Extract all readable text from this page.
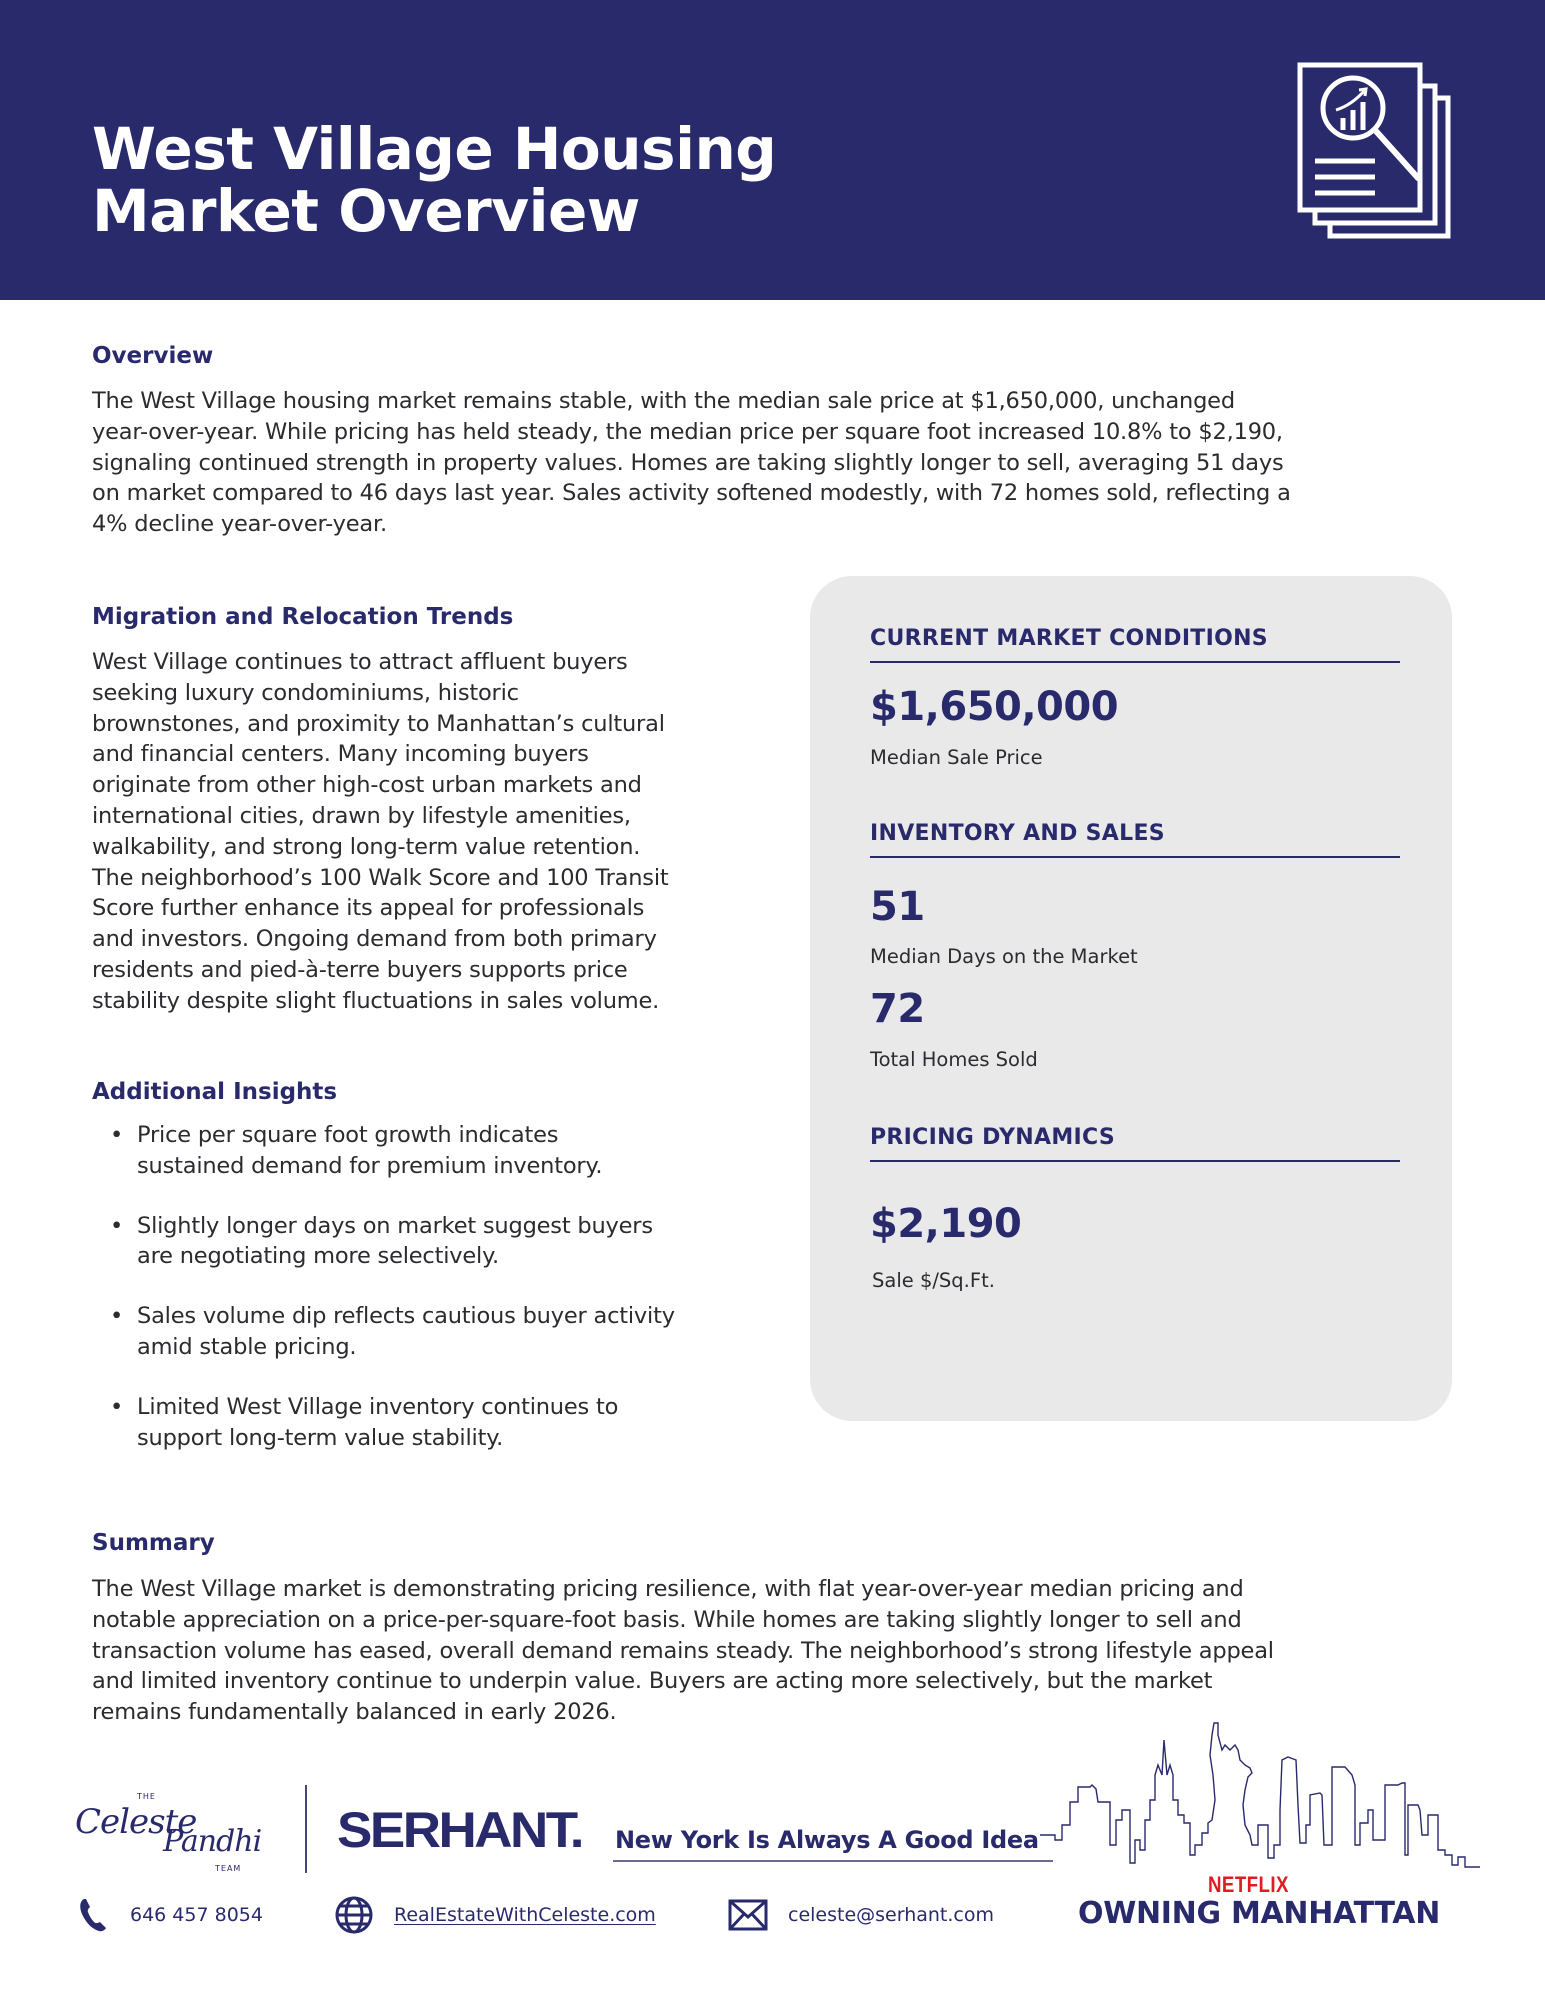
West Village Housing
Market Overview
Overview
The West Village housing market remains stable, with the median sale price at $1,650,000, unchanged
year-over-year. While pricing has held steady, the median price per square foot increased 10.8% to $2,190,
signaling continued strength in property values. Homes are taking slightly longer to sell, averaging 51 days
on market compared to 46 days last year. Sales activity softened modestly, with 72 homes sold, reflecting a
4% decline year-over-year.
Migration and Relocation Trends
West Village continues to attract affluent buyers
seeking luxury condominiums, historic
brownstones, and proximity to Manhattan’s cultural
and financial centers. Many incoming buyers
originate from other high-cost urban markets and
international cities, drawn by lifestyle amenities,
walkability, and strong long-term value retention.
The neighborhood’s 100 Walk Score and 100 Transit
Score further enhance its appeal for professionals
and investors. Ongoing demand from both primary
residents and pied-à-terre buyers supports price
stability despite slight fluctuations in sales volume.
Additional Insights
• Price per square foot growth indicates
sustained demand for premium inventory.
• Slightly longer days on market suggest buyers
are negotiating more selectively.
• Sales volume dip reflects cautious buyer activity
amid stable pricing.
• Limited West Village inventory continues to
support long-term value stability.
CURRENT MARKET CONDITIONS
$1,650,000
Median Sale Price
INVENTORY AND SALES
51
Median Days on the Market
72
Total Homes Sold
PRICING DYNAMICS
$2,190
Sale $/Sq.Ft.
Summary
The West Village market is demonstrating pricing resilience, with flat year-over-year median pricing and
notable appreciation on a price-per-square-foot basis. While homes are taking slightly longer to sell and
transaction volume has eased, overall demand remains steady. The neighborhood’s strong lifestyle appeal
and limited inventory continue to underpin value. Buyers are acting more selectively, but the market
remains fundamentally balanced in early 2026.
THE
Celeste
Pandhi
TEAM
SERHANT. New York Is Always A Good Idea
NETFLIX
OWNING MANHATTAN
646 457 8054	RealEstateWithCeleste.com	celeste@serhant.com
